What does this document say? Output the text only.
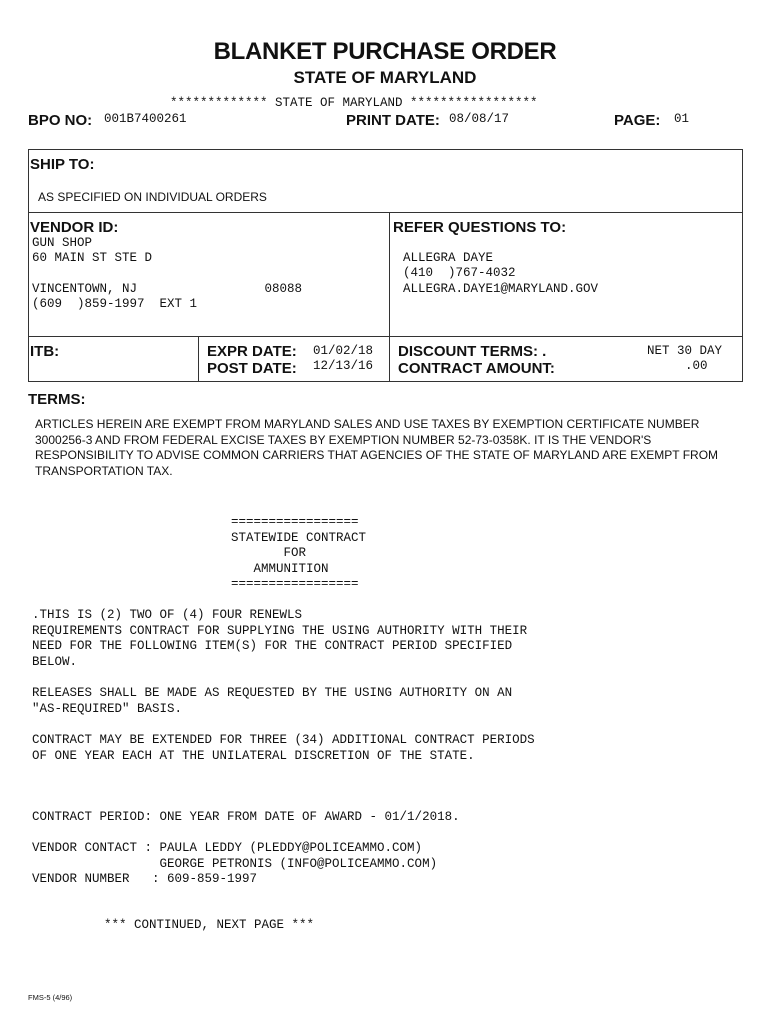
BLANKET PURCHASE ORDER
STATE OF MARYLAND
************* STATE OF MARYLAND *****************
BPO NO: 001B7400261	PRINT DATE: 08/08/17	PAGE: 01
SHIP TO:
AS SPECIFIED ON INDIVIDUAL ORDERS
VENDOR ID:
GUN SHOP
60 MAIN ST STE D
VINCENTOWN, NJ                 08088
(609  )859-1997  EXT 1
REFER QUESTIONS TO:
ALLEGRA DAYE
(410  )767-4032
ALLEGRA.DAYE1@MARYLAND.GOV
ITB:	EXPR DATE: 01/02/18
POST DATE: 12/13/16
DISCOUNT TERMS: .	NET 30 DAY
CONTRACT AMOUNT:	.00
TERMS:
ARTICLES HEREIN ARE EXEMPT FROM MARYLAND SALES AND USE TAXES BY EXEMPTION CERTIFICATE NUMBER 3000256-3 AND FROM FEDERAL EXCISE TAXES BY EXEMPTION NUMBER 52-73-0358K. IT IS THE VENDOR'S RESPONSIBILITY TO ADVISE COMMON CARRIERS THAT AGENCIES OF THE STATE OF MARYLAND ARE EXEMPT FROM TRANSPORTATION TAX.
=================
STATEWIDE CONTRACT
FOR
AMMUNITION
=================
.THIS IS (2) TWO OF (4) FOUR RENEWLS
REQUIREMENTS CONTRACT FOR SUPPLYING THE USING AUTHORITY WITH THEIR
NEED FOR THE FOLLOWING ITEM(S) FOR THE CONTRACT PERIOD SPECIFIED
BELOW.
RELEASES SHALL BE MADE AS REQUESTED BY THE USING AUTHORITY ON AN
"AS-REQUIRED" BASIS.
CONTRACT MAY BE EXTENDED FOR THREE (34) ADDITIONAL CONTRACT PERIODS
OF ONE YEAR EACH AT THE UNILATERAL DISCRETION OF THE STATE.
CONTRACT PERIOD: ONE YEAR FROM DATE OF AWARD - 01/1/2018.
VENDOR CONTACT : PAULA LEDDY (PLEDDY@POLICEAMMO.COM)
GEORGE PETRONIS (INFO@POLICEAMMO.COM)
VENDOR NUMBER   : 609-859-1997
*** CONTINUED, NEXT PAGE ***
FMS-5 (4/96)
